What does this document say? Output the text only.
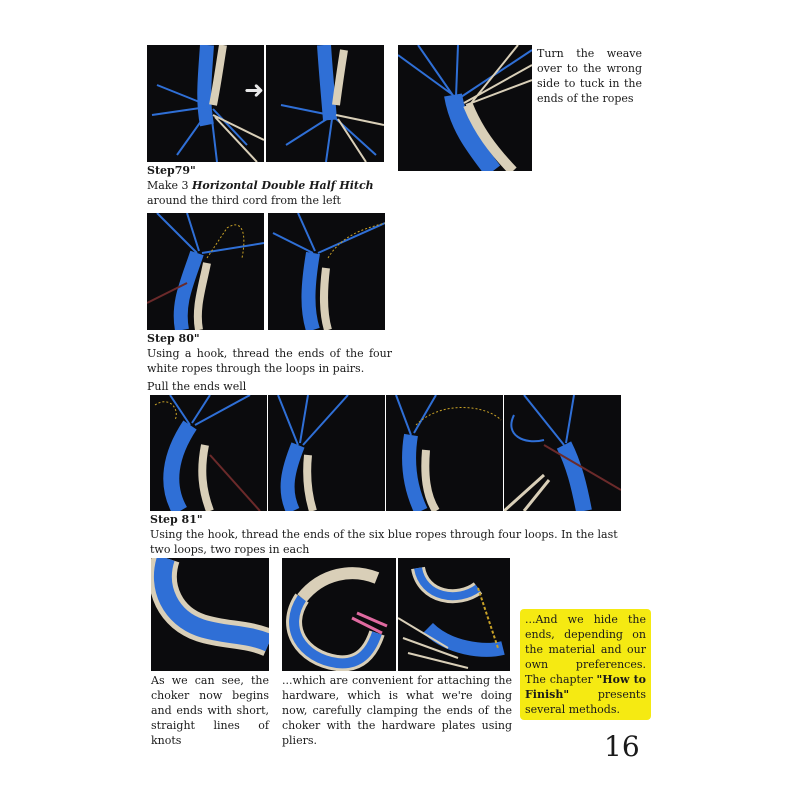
➜
Turn the weave over to the wrong side to tuck in the ends of the ropes
Step79"
Make 3 Horizontal Double Half Hitch around the third cord from the left
Step 80"
Using a hook, thread the ends of the four white ropes through the loops in pairs.
Pull the ends well
Step 81"
Using the hook, thread the ends of the six blue ropes through four loops. In the last two loops, two ropes in each
As we can see, the choker now begins and ends with short, straight lines of knots
...which are convenient for attaching the hardware, which is what we're doing now, carefully clamping the ends of the choker with the hardware plates using pliers.
...And we hide the ends, depending on the material and our own preferences. The chapter "How to Finish" presents several methods.
16
